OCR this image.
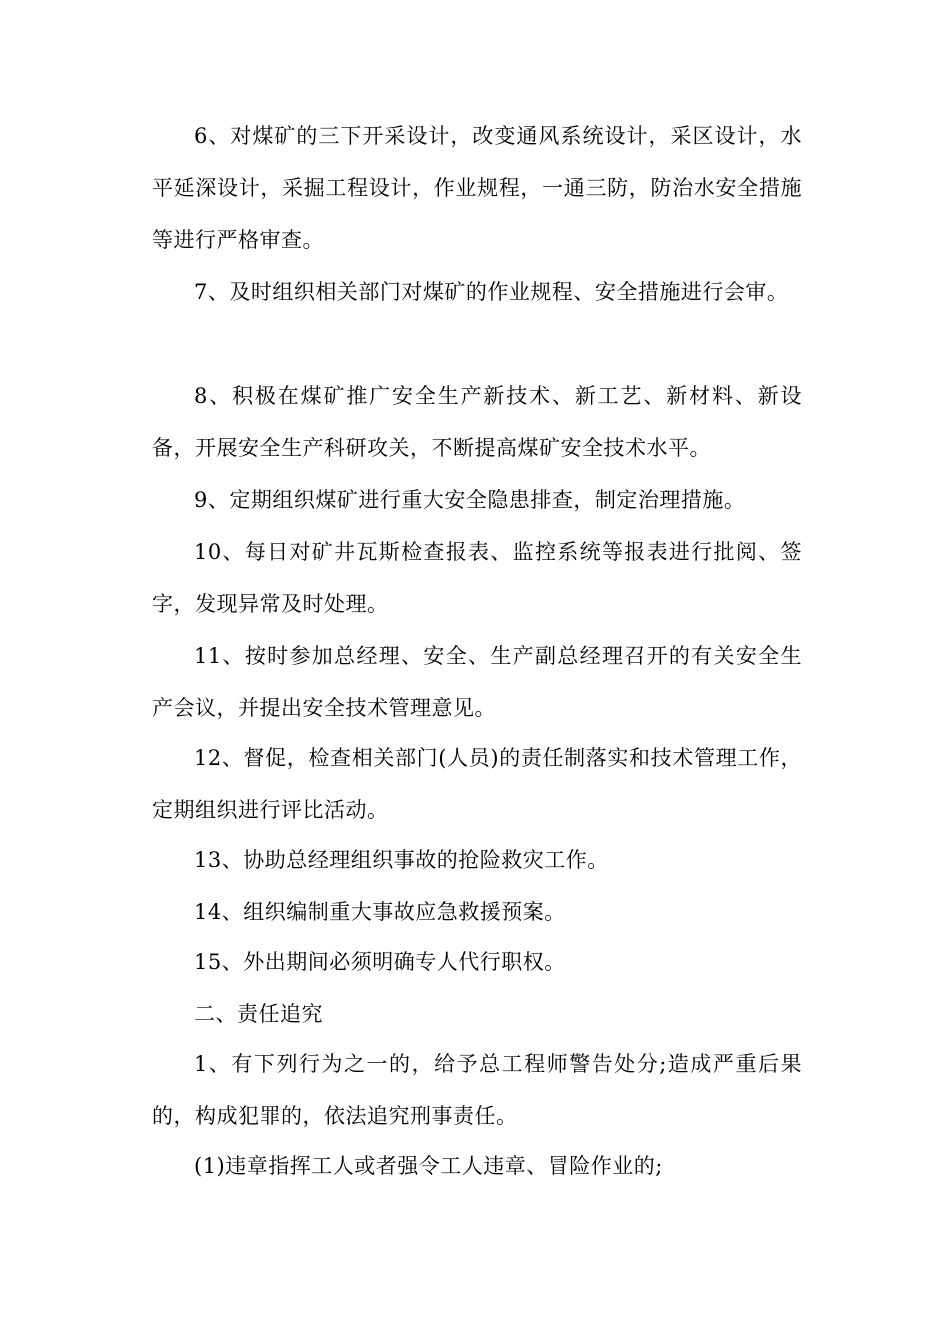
6、对煤矿的三下开采设计，改变通风系统设计，采区设计，水平延深设计，采掘工程设计，作业规程，一通三防，防治水安全措施等进行严格审查。

7、及时组织相关部门对煤矿的作业规程、安全措施进行会审。

8、积极在煤矿推广安全生产新技术、新工艺、新材料、新设备，开展安全生产科研攻关，不断提高煤矿安全技术水平。

9、定期组织煤矿进行重大安全隐患排查，制定治理措施。

10、每日对矿井瓦斯检查报表、监控系统等报表进行批阅、签字，发现异常及时处理。

11、按时参加总经理、安全、生产副总经理召开的有关安全生产会议，并提出安全技术管理意见。

12、督促，检查相关部门(人员)的责任制落实和技术管理工作，定期组织进行评比活动。

13、协助总经理组织事故的抢险救灾工作。

14、组织编制重大事故应急救援预案。

15、外出期间必须明确专人代行职权。

二、责任追究

1、有下列行为之一的，给予总工程师警告处分;造成严重后果的，构成犯罪的，依法追究刑事责任。

(1)违章指挥工人或者强令工人违章、冒险作业的;
